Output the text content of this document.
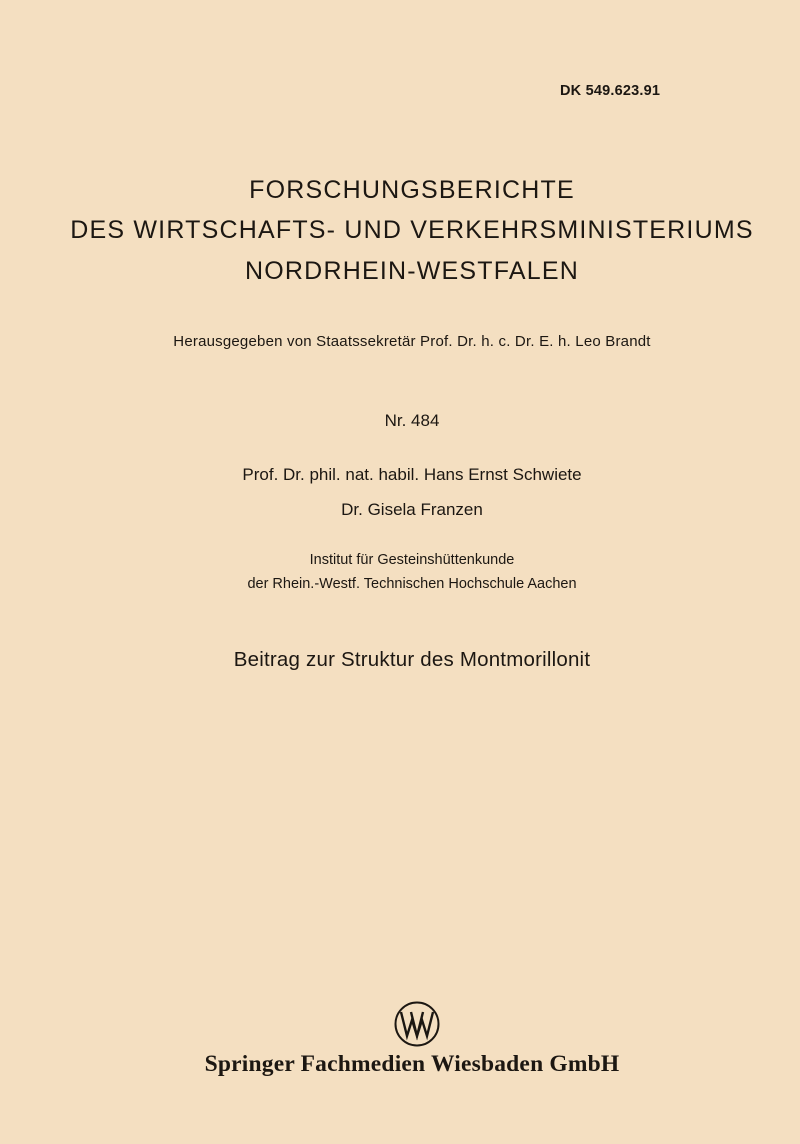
DK 549.623.91
FORSCHUNGSBERICHTE
DES WIRTSCHAFTS- UND VERKEHRSMINISTERIUMS
NORDRHEIN-WESTFALEN
Herausgegeben von Staatssekretär Prof. Dr. h. c. Dr. E. h. Leo Brandt
Nr. 484
Prof. Dr. phil. nat. habil. Hans Ernst Schwiete
Dr. Gisela Franzen
Institut für Gesteinshüttenkunde
der Rhein.-Westf. Technischen Hochschule Aachen
Beitrag zur Struktur des Montmorillonit
Springer Fachmedien Wiesbaden GmbH
